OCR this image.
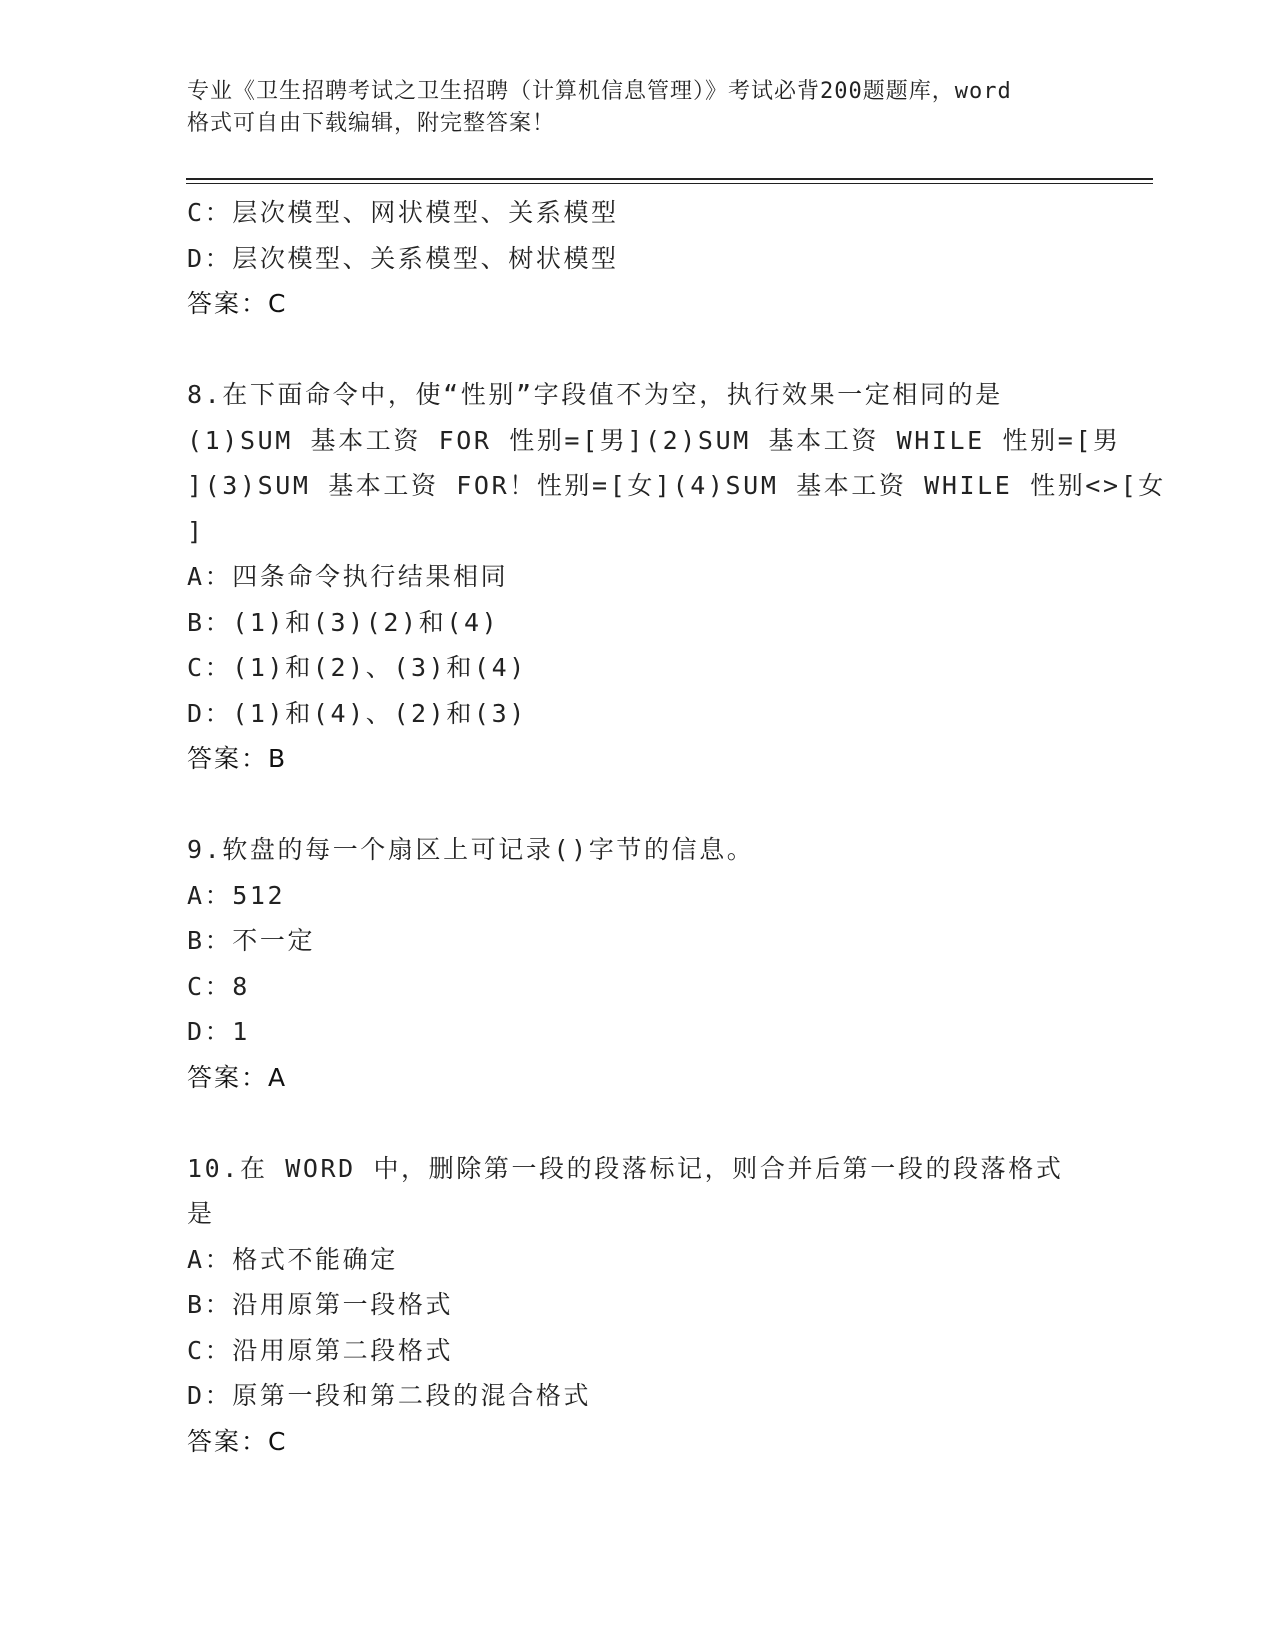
专业《卫生招聘考试之卫生招聘（计算机信息管理）》考试必背200题题库，word
格式可自由下载编辑，附完整答案！
C：层次模型、网状模型、关系模型
D：层次模型、关系模型、树状模型
答案：C
8.在下面命令中，使“性别”字段值不为空，执行效果一定相同的是
(1)SUM 基本工资 FOR 性别=[男](2)SUM 基本工资 WHILE 性别=[男
](3)SUM 基本工资 FOR！性别=[女](4)SUM 基本工资 WHILE 性别<>[女
]
A：四条命令执行结果相同
B：(1)和(3)(2)和(4)
C：(1)和(2)、(3)和(4)
D：(1)和(4)、(2)和(3)
答案：B
9.软盘的每一个扇区上可记录()字节的信息。
A：512
B：不一定
C：8
D：1
答案：A
10.在 WORD 中，删除第一段的段落标记，则合并后第一段的段落格式
是
A：格式不能确定
B：沿用原第一段格式
C：沿用原第二段格式
D：原第一段和第二段的混合格式
答案：C
